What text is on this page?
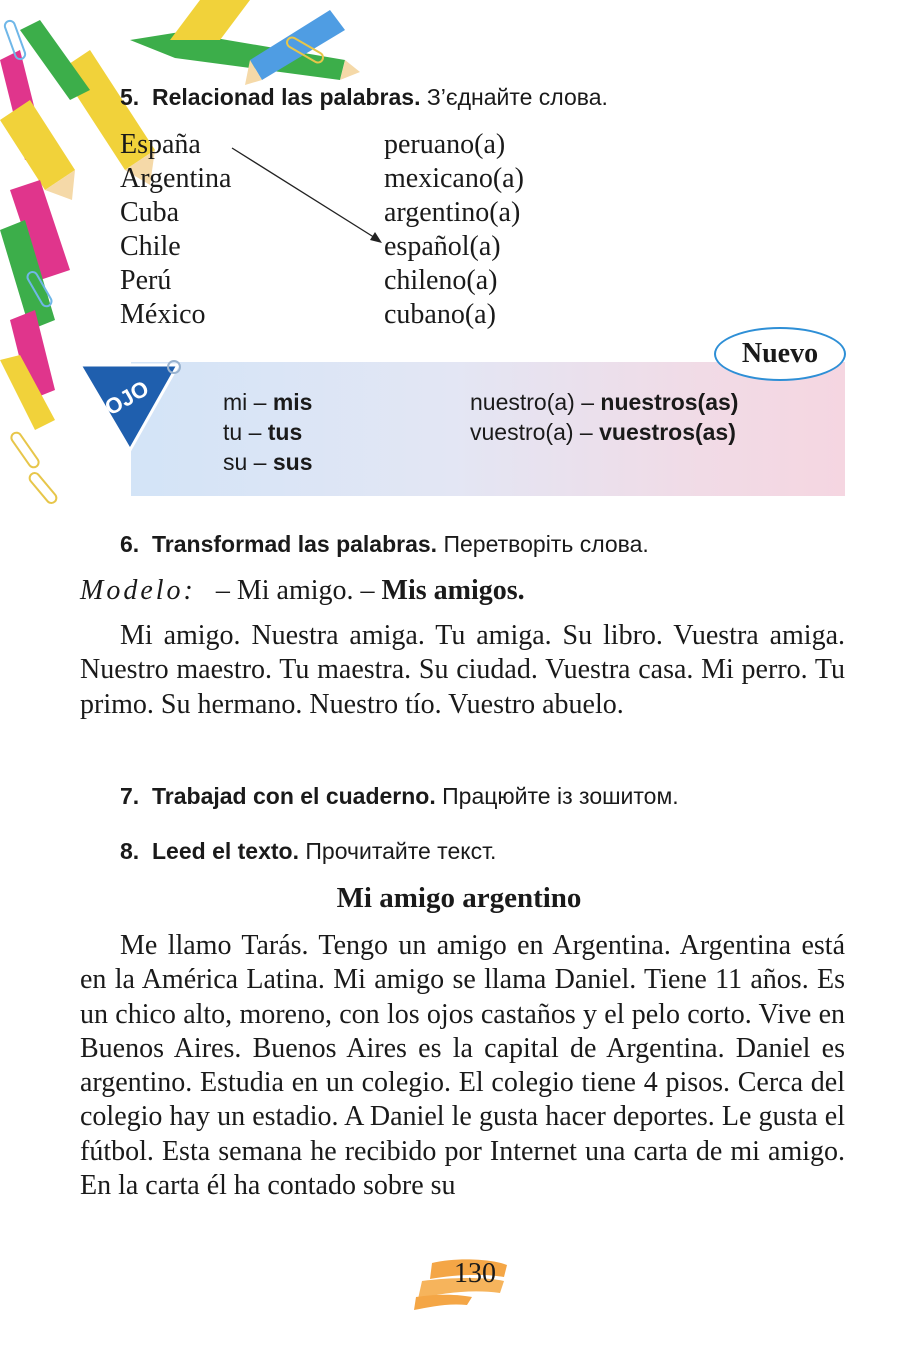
5. Relacionad las palabras. З’єднайте слова.
España
Argentina
Cuba
Chile
Perú
México
peruano(a)
mexicano(a)
argentino(a)
español(a)
chileno(a)
cubano(a)
OJO
Nuevo
mi – mis
tu – tus
su – sus
nuestro(a) – nuestros(as)
vuestro(a) – vuestros(as)
6. Transformad las palabras. Перетворіть слова.
Modelo: – Mi amigo. – Mis amigos.

Mi amigo. Nuestra amiga. Tu amiga. Su libro. Vuestra amiga. Nuestro maestro. Tu maestra. Su ciudad. Vuestra casa. Mi perro. Tu primo. Su hermano. Nuestro tío. Vuestro abuelo.

7. Trabajad con el cuaderno. Працюйте із зошитом.
8. Leed el texto. Прочитайте текст.
Mi amigo argentino

Me llamo Tarás. Tengo un amigo en Argentina. Argentina está en la América Latina. Mi amigo se llama Daniel. Tiene 11 años. Es un chico alto, moreno, con los ojos castaños y el pelo corto. Vive en Buenos Aires. Buenos Aires es la capital de Argentina. Daniel es argentino. Estudia en un colegio. El colegio tiene 4 pisos. Cerca del colegio hay un estadio. A Daniel le gusta hacer deportes. Le gusta el fútbol. Esta semana he recibido por Internet una carta de mi amigo. En la carta él ha contado sobre su

130
